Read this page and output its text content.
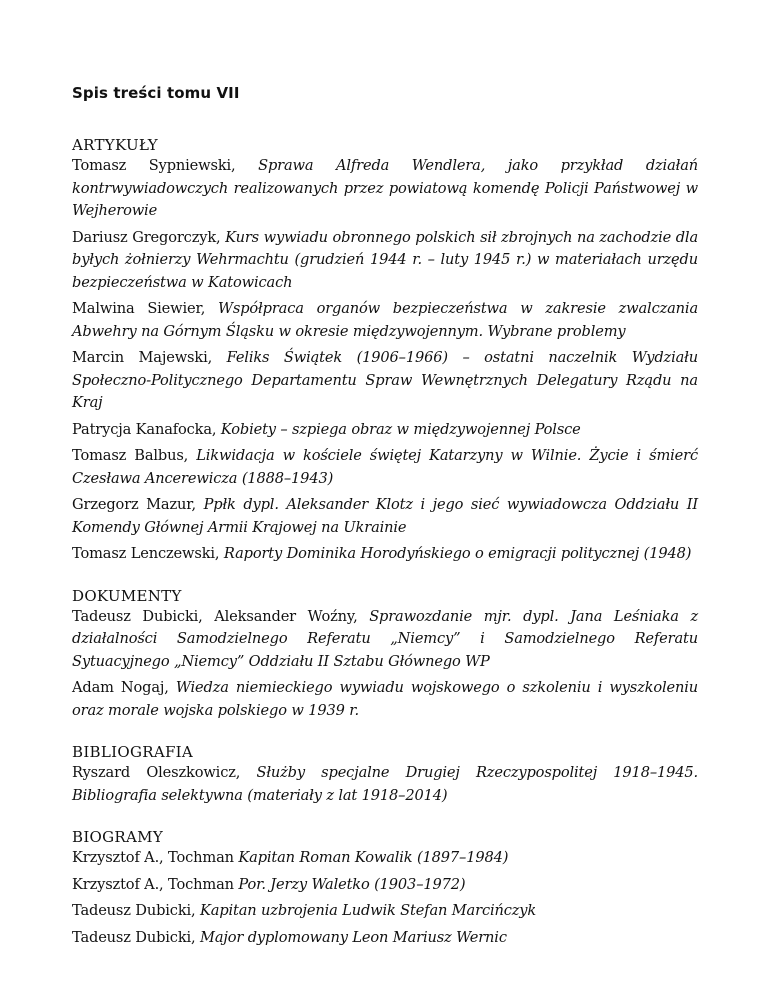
Spis treści tomu VII
ARTYKUŁY
Tomasz Sypniewski, Sprawa Alfreda Wendlera, jako przykład działań kontrwywiadowczych realizowanych przez powiatową komendę Policji Państwowej w Wejherowie
Dariusz Gregorczyk, Kurs wywiadu obronnego polskich sił zbrojnych na zachodzie dla byłych żołnierzy Wehrmachtu (grudzień 1944 r. – luty 1945 r.) w materiałach urzędu bezpieczeństwa w Katowicach
Malwina Siewier, Współpraca organów bezpieczeństwa w zakresie zwalczania Abwehry na Górnym Śląsku w okresie międzywojennym. Wybrane problemy
Marcin Majewski, Feliks Świątek (1906–1966) – ostatni naczelnik Wydziału Społeczno-Politycznego Departamentu Spraw Wewnętrznych Delegatury Rządu na Kraj
Patrycja Kanafocka, Kobiety – szpiega obraz w międzywojennej Polsce
Tomasz Balbus, Likwidacja w kościele świętej Katarzyny w Wilnie. Życie i śmierć Czesława Ancerewicza (1888–1943)
Grzegorz Mazur, Ppłk dypl. Aleksander Klotz i jego sieć wywiadowcza Oddziału II Komendy Głównej Armii Krajowej na Ukrainie
Tomasz Lenczewski, Raporty Dominika Horodyńskiego o emigracji politycznej (1948)
DOKUMENTY
Tadeusz Dubicki, Aleksander Woźny, Sprawozdanie mjr. dypl. Jana Leśniaka z działalności Samodzielnego Referatu „Niemcy” i Samodzielnego Referatu Sytuacyjnego „Niemcy” Oddziału II Sztabu Głównego WP
Adam Nogaj, Wiedza niemieckiego wywiadu wojskowego o szkoleniu i wyszkoleniu oraz morale wojska polskiego w 1939 r.
BIBLIOGRAFIA
Ryszard Oleszkowicz, Służby specjalne Drugiej Rzeczypospolitej 1918–1945. Bibliografia selektywna (materiały z lat 1918–2014)
BIOGRAMY
Krzysztof A., Tochman Kapitan Roman Kowalik (1897–1984)
Krzysztof A., Tochman Por. Jerzy Waletko (1903–1972)
Tadeusz Dubicki, Kapitan uzbrojenia Ludwik Stefan Marcińczyk
Tadeusz Dubicki, Major dyplomowany Leon Mariusz Wernic
